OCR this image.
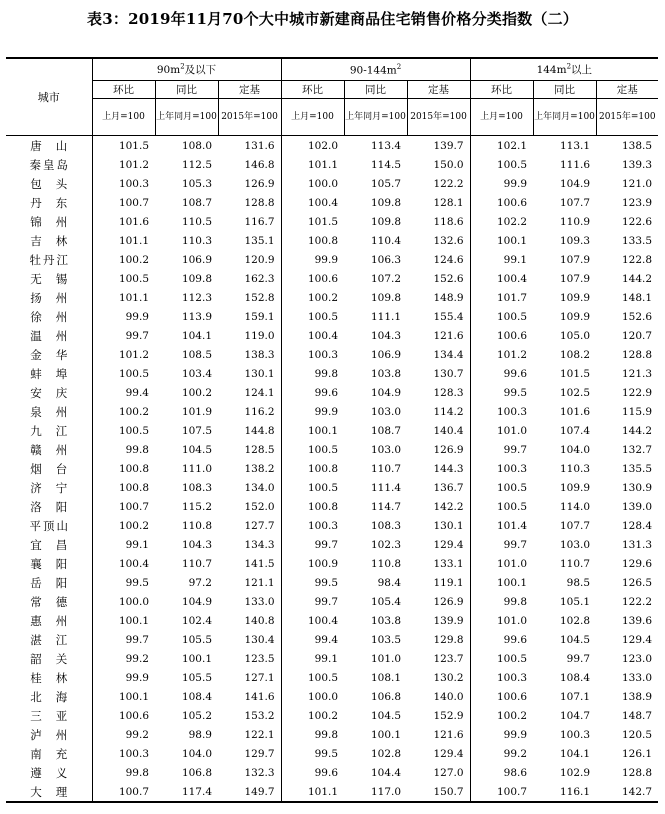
表3：2019年11月70个大中城市新建商品住宅销售价格分类指数（二）
城市	$90m^2$及以下			$90-144m^2$			$144m^2$以上		
	环比	同比	定基	环比	同比	定基	环比	同比	定基
	上月=100	上年同月=100	2015年=100	上月=100	上年同月=100	2015年=100	上月=100	上年同月=100	2015年=100
唐山	101.5	108.0	131.6	102.0	113.4	139.7	102.1	113.1	138.5
秦皇岛	101.2	112.5	146.8	101.1	114.5	150.0	100.5	111.6	139.3
包头	100.3	105.3	126.9	100.0	105.7	122.2	99.9	104.9	121.0
丹东	100.7	108.7	128.8	100.4	109.8	128.1	100.6	107.7	123.9
锦州	101.6	110.5	116.7	101.5	109.8	118.6	102.2	110.9	122.6
吉林	101.1	110.3	135.1	100.8	110.4	132.6	100.1	109.3	133.5
牡丹江	100.2	106.9	120.9	99.9	106.3	124.6	99.1	107.9	122.8
无锡	100.5	109.8	162.3	100.6	107.2	152.6	100.4	107.9	144.2
扬州	101.1	112.3	152.8	100.2	109.8	148.9	101.7	109.9	148.1
徐州	99.9	113.9	159.1	100.5	111.1	155.4	100.5	109.9	152.6
温州	99.7	104.1	119.0	100.4	104.3	121.6	100.6	105.0	120.7
金华	101.2	108.5	138.3	100.3	106.9	134.4	101.2	108.2	128.8
蚌埠	100.5	103.4	130.1	99.8	103.8	130.7	99.6	101.5	121.3
安庆	99.4	100.2	124.1	99.6	104.9	128.3	99.5	102.5	122.9
泉州	100.2	101.9	116.2	99.9	103.0	114.2	100.3	101.6	115.9
九江	100.5	107.5	144.8	100.1	108.7	140.4	101.0	107.4	144.2
赣州	99.8	104.5	128.5	100.5	103.0	126.9	99.7	104.0	132.7
烟台	100.8	111.0	138.2	100.8	110.7	144.3	100.3	110.3	135.5
济宁	100.8	108.3	134.0	100.5	111.4	136.7	100.5	109.9	130.9
洛阳	100.7	115.2	152.0	100.8	114.7	142.2	100.5	114.0	139.0
平顶山	100.2	110.8	127.7	100.3	108.3	130.1	101.4	107.7	128.4
宜昌	99.1	104.3	134.3	99.7	102.3	129.4	99.7	103.0	131.3
襄阳	100.4	110.7	141.5	100.9	110.8	133.1	101.0	110.7	129.6
岳阳	99.5	97.2	121.1	99.5	98.4	119.1	100.1	98.5	126.5
常德	100.0	104.9	133.0	99.7	105.4	126.9	99.8	105.1	122.2
惠州	100.1	102.4	140.8	100.4	103.8	139.9	101.0	102.8	139.6
湛江	99.7	105.5	130.4	99.4	103.5	129.8	99.6	104.5	129.4
韶关	99.2	100.1	123.5	99.1	101.0	123.7	100.5	99.7	123.0
桂林	99.9	105.5	127.1	100.5	108.1	130.2	100.3	108.4	133.0
北海	100.1	108.4	141.6	100.0	106.8	140.0	100.6	107.1	138.9
三亚	100.6	105.2	153.2	100.2	104.5	152.9	100.2	104.7	148.7
泸州	99.2	98.9	122.1	99.8	100.1	121.6	99.9	100.3	120.5
南充	100.3	104.0	129.7	99.5	102.8	129.4	99.2	104.1	126.1
遵义	99.8	106.8	132.3	99.6	104.4	127.0	98.6	102.9	128.8
大理	100.7	117.4	149.7	101.1	117.0	150.7	100.7	116.1	142.7
